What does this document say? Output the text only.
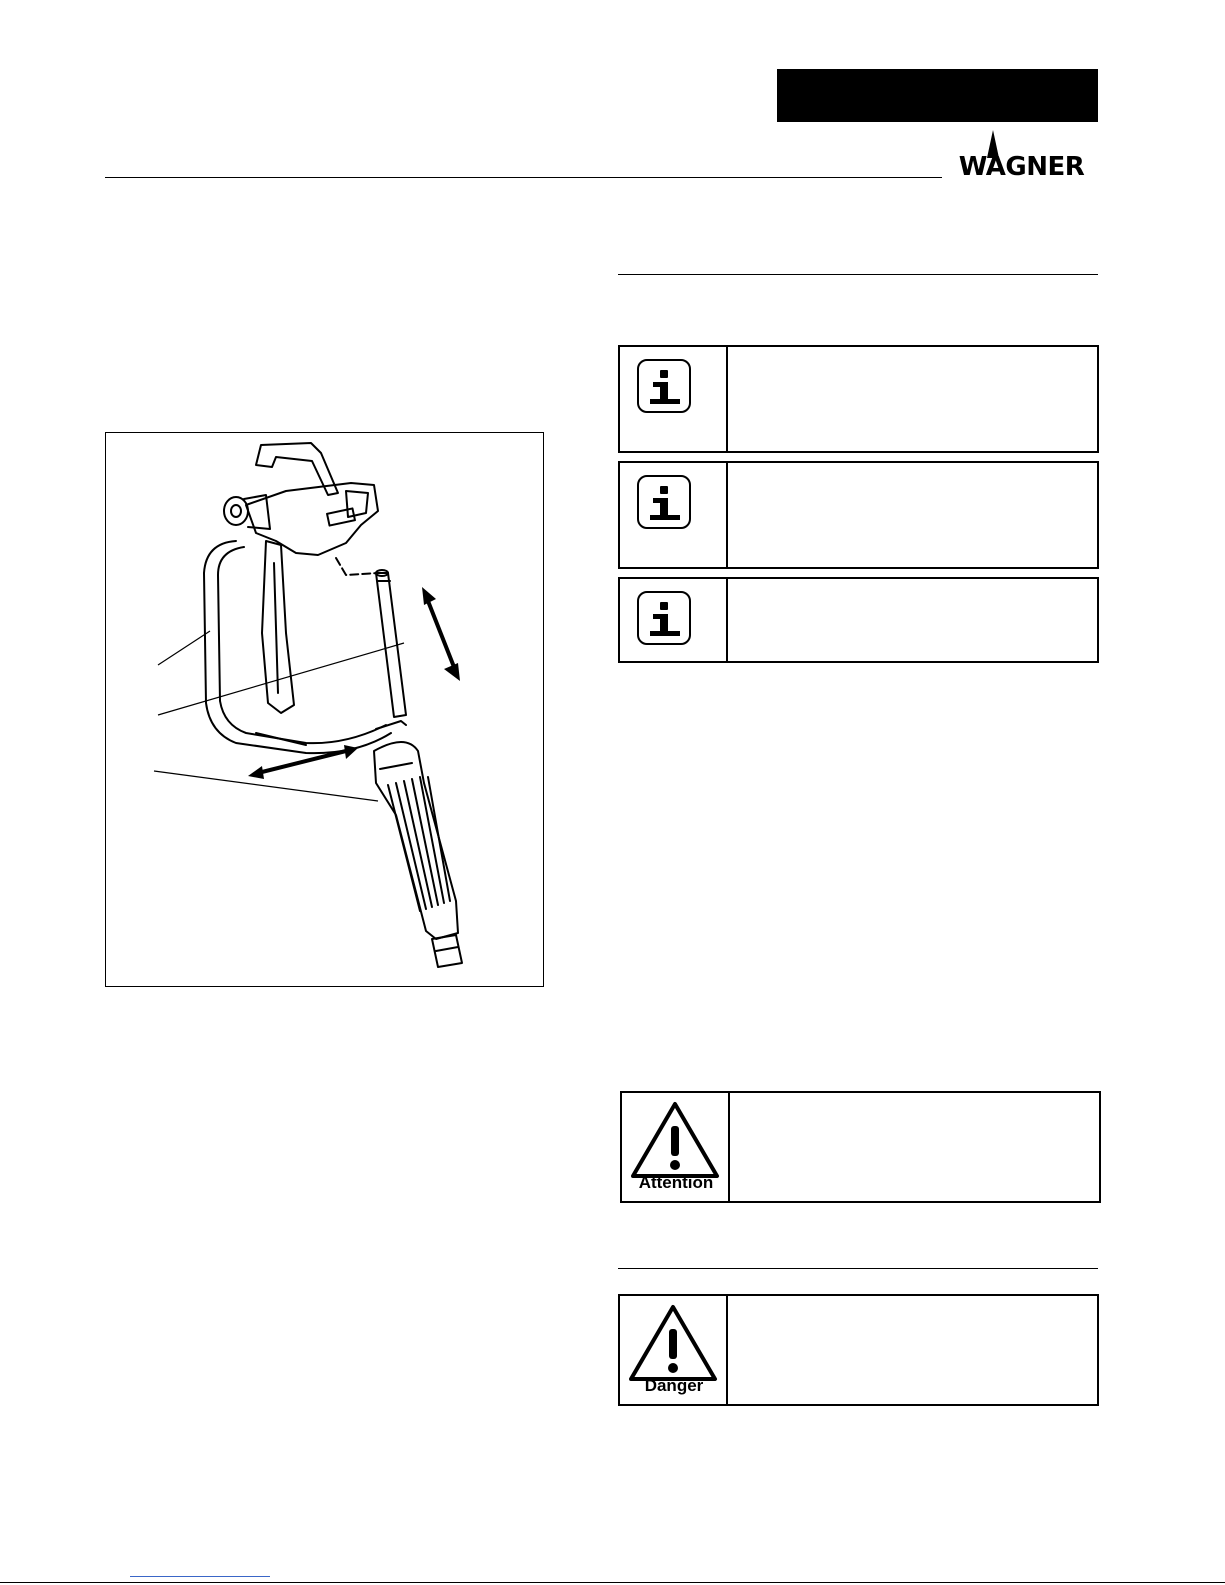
WAGNER
Attention
Danger
